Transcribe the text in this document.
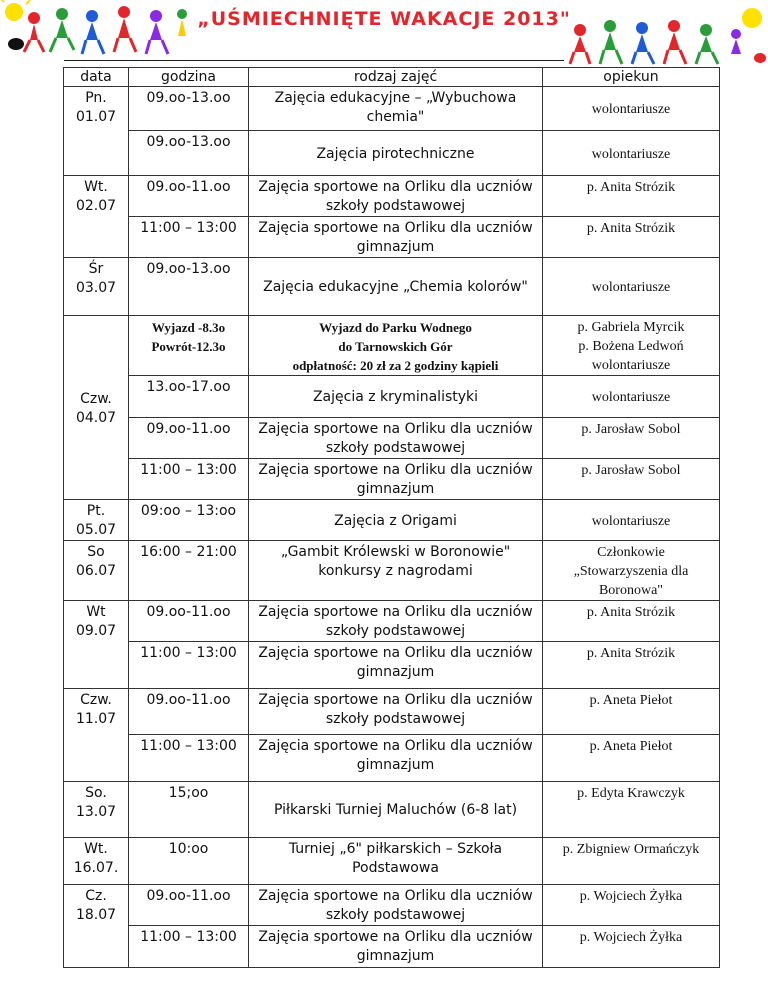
„UŚMIECHNIĘTE WAKACJE 2013"
data	godzina	rodzaj zajęć	opiekun

Pn.
01.07	09.oo-13.oo	Zajęcia edukacyjne – „Wybuchowa
chemia"	wolontariusze

	09.oo-13.oo	Zajęcia pirotechniczne	wolontariusze

Wt.
02.07	09.oo-11.oo	Zajęcia sportowe na Orliku dla uczniów
szkoły podstawowej	p. Anita Strózik

	11:00 – 13:00	Zajęcia sportowe na Orliku dla uczniów
gimnazjum	p. Anita Strózik

Śr
03.07	09.oo-13.oo	Zajęcia edukacyjne „Chemia kolorów"	wolontariusze

Czw.
04.07	Wyjazd -8.3o
Powrót-12.3o	Wyjazd do Parku Wodnego
do Tarnowskich Gór
odpłatność: 20 zł za 2 godziny kąpieli	p. Gabriela Myrcik
p. Bożena Ledwoń
wolontariusze

	13.oo-17.oo	Zajęcia z kryminalistyki	wolontariusze

	09.oo-11.oo	Zajęcia sportowe na Orliku dla uczniów
szkoły podstawowej	p. Jarosław Sobol

	11:00 – 13:00	Zajęcia sportowe na Orliku dla uczniów
gimnazjum	p. Jarosław Sobol

Pt.
05.07	09:oo – 13:oo	Zajęcia z Origami	wolontariusze

So
06.07	16:00 – 21:00	„Gambit Królewski w Boronowie"
konkursy z nagrodami	Członkowie
„Stowarzyszenia dla
Boronowa"

Wt
09.07	09.oo-11.oo	Zajęcia sportowe na Orliku dla uczniów
szkoły podstawowej	p. Anita Strózik

	11:00 – 13:00	Zajęcia sportowe na Orliku dla uczniów
gimnazjum	p. Anita Strózik

Czw.
11.07	09.oo-11.oo	Zajęcia sportowe na Orliku dla uczniów
szkoły podstawowej	p. Aneta Piełot

	11:00 – 13:00	Zajęcia sportowe na Orliku dla uczniów
gimnazjum	p. Aneta Piełot

So.
13.07	15;oo	Piłkarski Turniej Maluchów (6-8 lat)	p. Edyta Krawczyk

Wt.
16.07.	10:oo	Turniej „6" piłkarskich – Szkoła
Podstawowa	p. Zbigniew Ormańczyk

Cz.
18.07	09.oo-11.oo	Zajęcia sportowe na Orliku dla uczniów
szkoły podstawowej	p. Wojciech Żyłka

	11:00 – 13:00	Zajęcia sportowe na Orliku dla uczniów
gimnazjum	p. Wojciech Żyłka
